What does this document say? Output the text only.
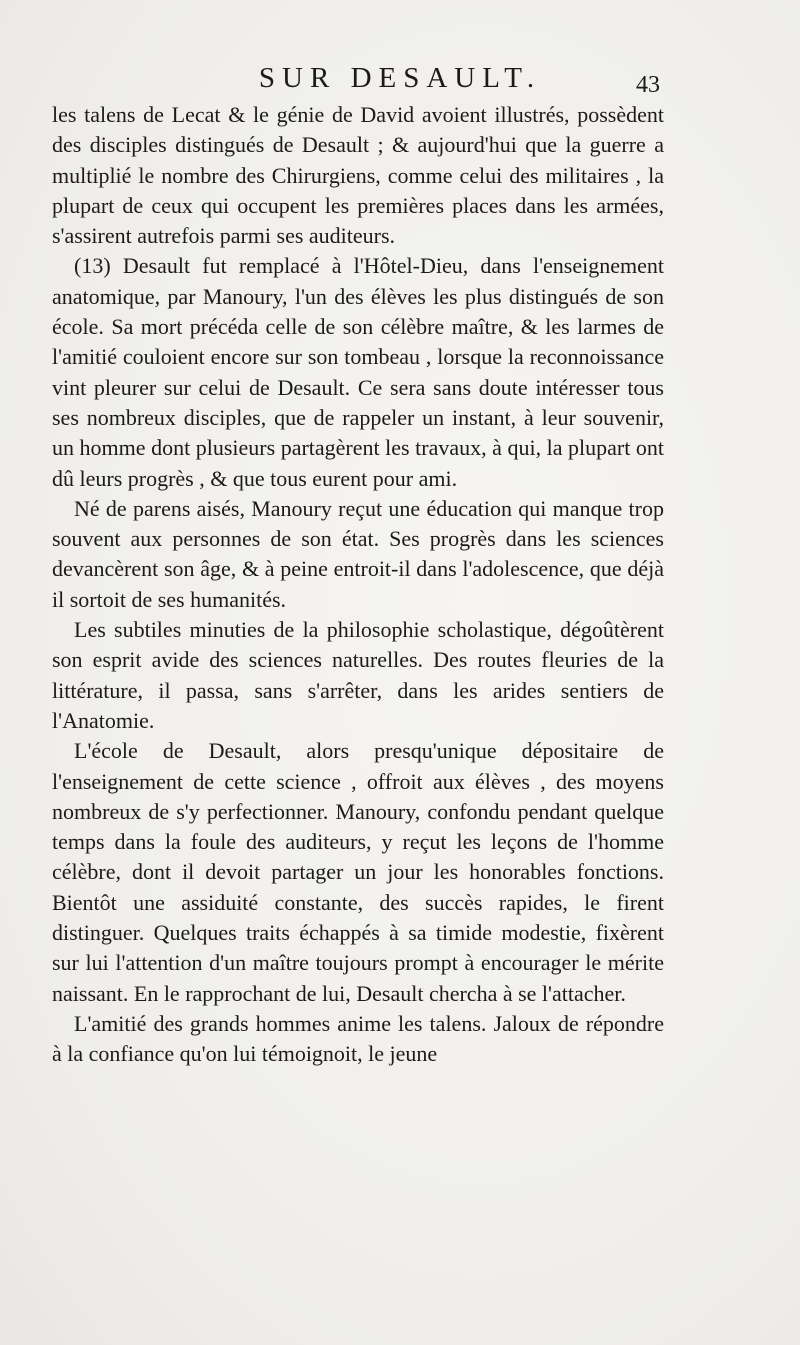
SUR DESAULT.	43

les talens de Lecat & le génie de David avoient illustrés, possèdent des disciples distingués de Desault ; & aujourd'hui que la guerre a multiplié le nombre des Chirurgiens, comme celui des militaires , la plupart de ceux qui occupent les premières places dans les armées, s'assirent autrefois parmi ses auditeurs.

(13) Desault fut remplacé à l'Hôtel-Dieu, dans l'enseignement anatomique, par Manoury, l'un des élèves les plus distingués de son école. Sa mort précéda celle de son célèbre maître, & les larmes de l'amitié couloient encore sur son tombeau , lorsque la reconnoissance vint pleurer sur celui de Desault. Ce sera sans doute intéresser tous ses nombreux disciples, que de rappeler un instant, à leur souvenir, un homme dont plusieurs partagèrent les travaux, à qui, la plupart ont dû leurs progrès , & que tous eurent pour ami.

Né de parens aisés, Manoury reçut une éducation qui manque trop souvent aux personnes de son état. Ses progrès dans les sciences devancèrent son âge, & à peine entroit-il dans l'adolescence, que déjà il sortoit de ses humanités.

Les subtiles minuties de la philosophie scholastique, dégoûtèrent son esprit avide des sciences naturelles. Des routes fleuries de la littérature, il passa, sans s'arrêter, dans les arides sentiers de l'Anatomie.

L'école de Desault, alors presqu'unique dépositaire de l'enseignement de cette science , offroit aux élèves , des moyens nombreux de s'y perfectionner. Manoury, confondu pendant quelque temps dans la foule des auditeurs, y reçut les leçons de l'homme célèbre, dont il devoit partager un jour les honorables fonctions. Bientôt une assiduité constante, des succès rapides, le firent distinguer. Quelques traits échappés à sa timide modestie, fixèrent sur lui l'attention d'un maître toujours prompt à encourager le mérite naissant. En le rapprochant de lui, Desault chercha à se l'attacher.

L'amitié des grands hommes anime les talens. Jaloux de répondre à la confiance qu'on lui témoignoit, le jeune
